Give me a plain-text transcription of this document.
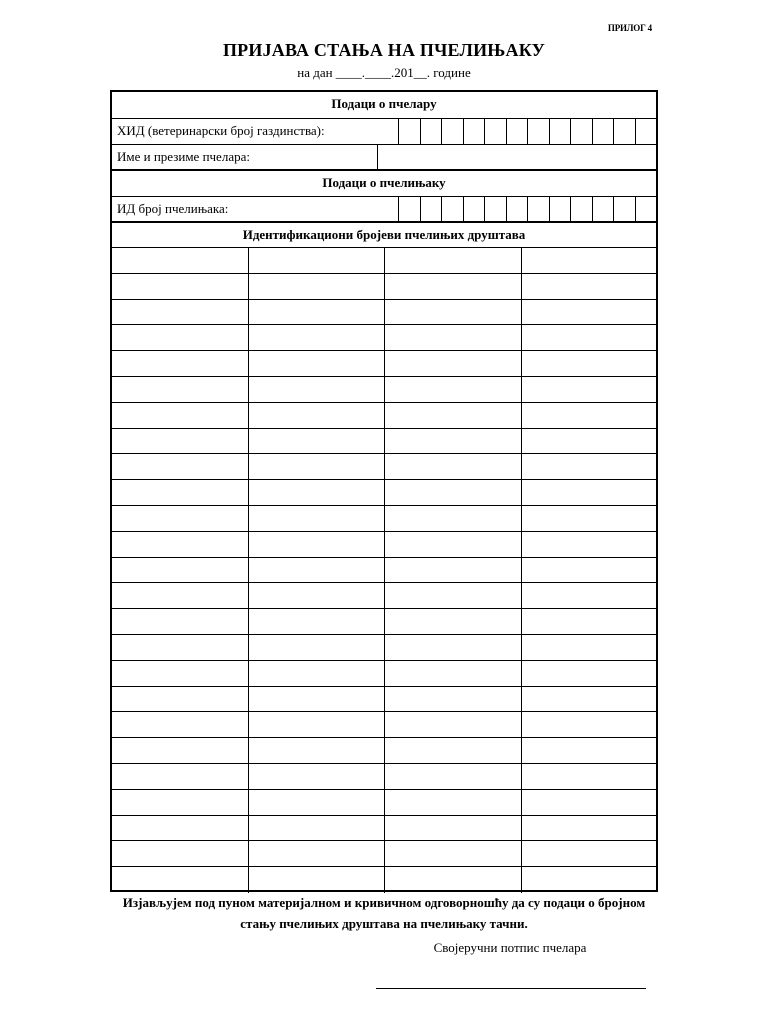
ПРИЛОГ 4
ПРИЈАВА СТАЊА НА ПЧЕЛИЊАКУ
на дан ____.____.201__. године
Подаци о пчелару
ХИД (ветеринарски број газдинства):
Име и презиме пчелара:
Подаци о пчелињаку
ИД број пчелињака:
Идентификациони бројеви пчелињих друштава
Изјављујем под пуном материјалном и кривичном одговорношћу да су подаци о бројном стању пчелињих друштава на пчелињаку тачни.
Својеручни потпис пчелара
